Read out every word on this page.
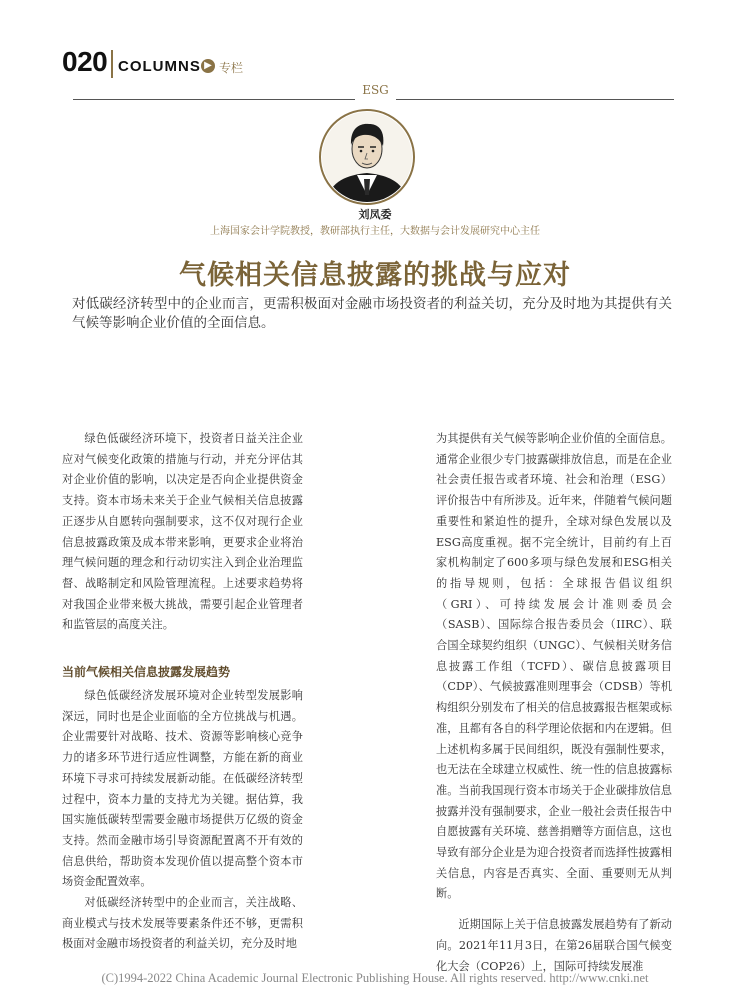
020 COLUMNS ▶ 专栏
ESG
刘凤委
上海国家会计学院教授，教研部执行主任，大数据与会计发展研究中心主任
气候相关信息披露的挑战与应对
对低碳经济转型中的企业而言，更需积极面对金融市场投资者的利益关切，充分及时地为其提供有关气候等影响企业价值的全面信息。

绿色低碳经济环境下，投资者日益关注企业应对气候变化政策的措施与行动，并充分评估其对企业价值的影响，以决定是否向企业提供资金支持。资本市场未来关于企业气候相关信息披露正逐步从自愿转向强制要求，这不仅对现行企业信息披露政策及成本带来影响，更要求企业将治理气候问题的理念和行动切实注入到企业治理监督、战略制定和风险管理流程。上述要求趋势将对我国企业带来极大挑战，需要引起企业管理者和监管层的高度关注。

当前气候相关信息披露发展趋势

绿色低碳经济发展环境对企业转型发展影响深远，同时也是企业面临的全方位挑战与机遇。企业需要针对战略、技术、资源等影响核心竞争力的诸多环节进行适应性调整，方能在新的商业环境下寻求可持续发展新动能。在低碳经济转型过程中，资本力量的支持尤为关键。据估算，我国实施低碳转型需要金融市场提供万亿级的资金支持。然而金融市场引导资源配置离不开有效的信息供给，帮助资本发现价值以提高整个资本市场资金配置效率。

对低碳经济转型中的企业而言，关注战略、商业模式与技术发展等要素条件还不够，更需积极面对金融市场投资者的利益关切，充分及时地

为其提供有关气候等影响企业价值的全面信息。通常企业很少专门披露碳排放信息，而是在企业社会责任报告或者环境、社会和治理（ESG）评价报告中有所涉及。近年来，伴随着气候问题重要性和紧迫性的提升，全球对绿色发展以及ESG高度重视。据不完全统计，目前约有上百家机构制定了600多项与绿色发展和ESG相关的指导规则，包括：全球报告倡议组织（GRI）、可持续发展会计准则委员会（SASB）、国际综合报告委员会（IIRC）、联合国全球契约组织（UNGC）、气候相关财务信息披露工作组（TCFD）、碳信息披露项目（CDP）、气候披露准则理事会（CDSB）等机构组织分别发布了相关的信息披露报告框架或标准，且都有各自的科学理论依据和内在逻辑。但上述机构多属于民间组织，既没有强制性要求，也无法在全球建立权威性、统一性的信息披露标准。当前我国现行资本市场关于企业碳排放信息披露并没有强制要求，企业一般社会责任报告中自愿披露有关环境、慈善捐赠等方面信息，这也导致有部分企业是为迎合投资者而选择性披露相关信息，内容是否真实、全面、重要则无从判断。

近期国际上关于信息披露发展趋势有了新动向。2021年11月3日，在第26届联合国气候变化大会（COP26）上，国际可持续发展准

(C)1994-2022 China Academic Journal Electronic Publishing House. All rights reserved. http://www.cnki.net
